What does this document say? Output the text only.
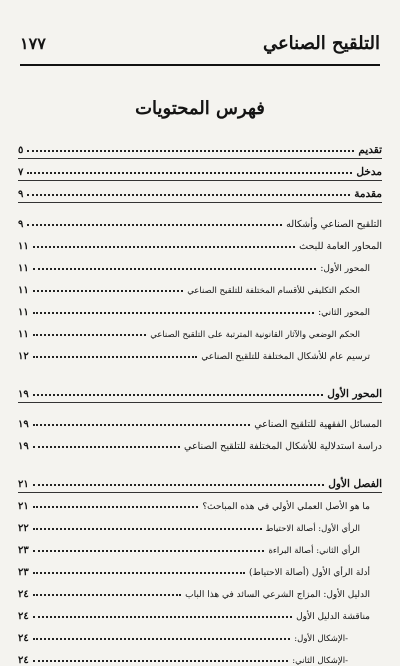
التلقيح الصناعي
١٧٧
فهرس المحتويات
تقديم
٥
مدخل
٧
مقدمة
٩
التلقيح الصناعي وأشكاله
٩
المحاور العامة للبحث
١١
المحور الأول:
١١
الحكم التكليفي للأقسام المختلفة للتلقيح الصناعي
١١
المحور الثاني:
١١
الحكم الوضعي والآثار القانونية المترتبة على التلقيح الصناعي
١١
ترسيم عام للأشكال المختلفة للتلقيح الصناعي
١٢
المحور الأول
١٩
المسائل الفقهية للتلقيح الصناعي
١٩
دراسة استدلالية للأشكال المختلفة للتلقيح الصناعي
١٩
الفصل الأول
٢١
ما هو الأصل العملي الأولي في هذه المباحث؟
٢١
الرأي الأول: أصالة الاحتياط
٢٢
الرأي الثاني: أصالة البراءة
٢٣
أدلة الرأي الأول (أصالة الاحتياط)
٢٣
الدليل الأول: المزاج الشرعي السائد في هذا الباب
٢٤
مناقشة الدليل الأول
٢٤
-الإشكال الأول:
٢٤
-الإشكال الثاني:
٢٤
